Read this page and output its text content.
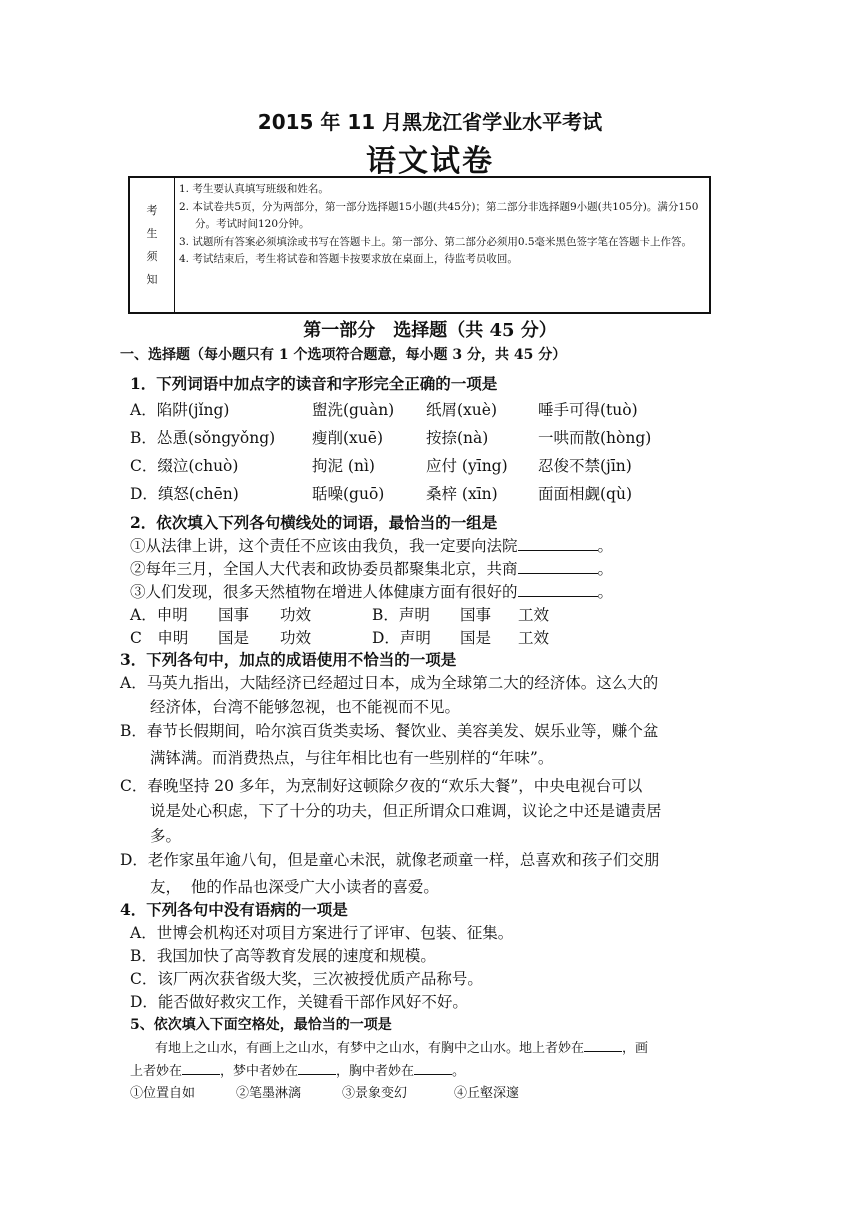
2015 年 11 月黑龙江省学业水平考试
语文试卷
考生须知
1. 考生要认真填写班级和姓名。
2. 本试卷共5页，分为两部分，第一部分选择题15小题(共45分)；第二部分非选择题9小题(共105分)。满分150分。考试时间120分钟。
3. 试题所有答案必须填涂或书写在答题卡上。第一部分、第二部分必须用0.5毫米黑色签字笔在答题卡上作答。
4. 考试结束后，考生将试卷和答题卡按要求放在桌面上，待监考员收回。
第一部分　选择题（共 45 分）
一、选择题（每小题只有 1 个选项符合题意，每小题 3 分，共 45 分）
1．下列词语中加点字的读音和字形完全正确的一项是
A．陷阱(jǐng)	盥洗(guàn) 纸屑(xuè)	唾手可得(tuò)
B．怂恿(sǒngyǒng) 瘦削(xuē)	按捺(nà)	一哄而散(hòng)
C．缀泣(chuò)	拘泥 (nì)	应付 (yīng) 忍俊不禁(jīn)
D．缜怒(chēn)	聒噪(guō)	桑梓 (xīn)	面面相觑(qù)
2．依次填入下列各句横线处的词语，最恰当的一组是
①从法律上讲，这个责任不应该由我负，我一定要向法院	。
②每年三月，全国人大代表和政协委员都聚集北京，共商	。
③人们发现，很多天然植物在增进人体健康方面有很好的	。
A．申明 国事 功效	B．声明 国事 工效
C　申明 国是 功效	D．声明 国是 工效
3．下列各句中，加点的成语使用不恰当的一项是
A．马英九指出，大陆经济已经超过日本，成为全球第二大的经济体。这么大的
经济体，台湾不能够忽视，也不能视而不见。
B．春节长假期间，哈尔滨百货类卖场、餐饮业、美容美发、娱乐业等，赚个盆
满钵满。而消费热点，与往年相比也有一些别样的“年味”。
C．春晚坚持 20 多年，为烹制好这顿除夕夜的“欢乐大餐”，中央电视台可以
说是处心积虑，下了十分的功夫，但正所谓众口难调，议论之中还是谴责居
多。
D．老作家虽年逾八旬，但是童心未泯，就像老顽童一样，总喜欢和孩子们交朋
友，  他的作品也深受广大小读者的喜爱。
4．下列各句中没有语病的一项是
A．世博会机构还对项目方案进行了评审、包装、征集。
B．我国加快了高等教育发展的速度和规模。
C．该厂两次获省级大奖，三次被授优质产品称号。
D．能否做好救灾工作，关键看干部作风好不好。
5、依次填入下面空格处，最恰当的一项是
有地上之山水，有画上之山水，有梦中之山水，有胸中之山水。地上者妙在	，画
上者妙在	，梦中者妙在	，胸中者妙在	。
①位置自如	②笔墨淋漓	③景象变幻	④丘壑深邃
